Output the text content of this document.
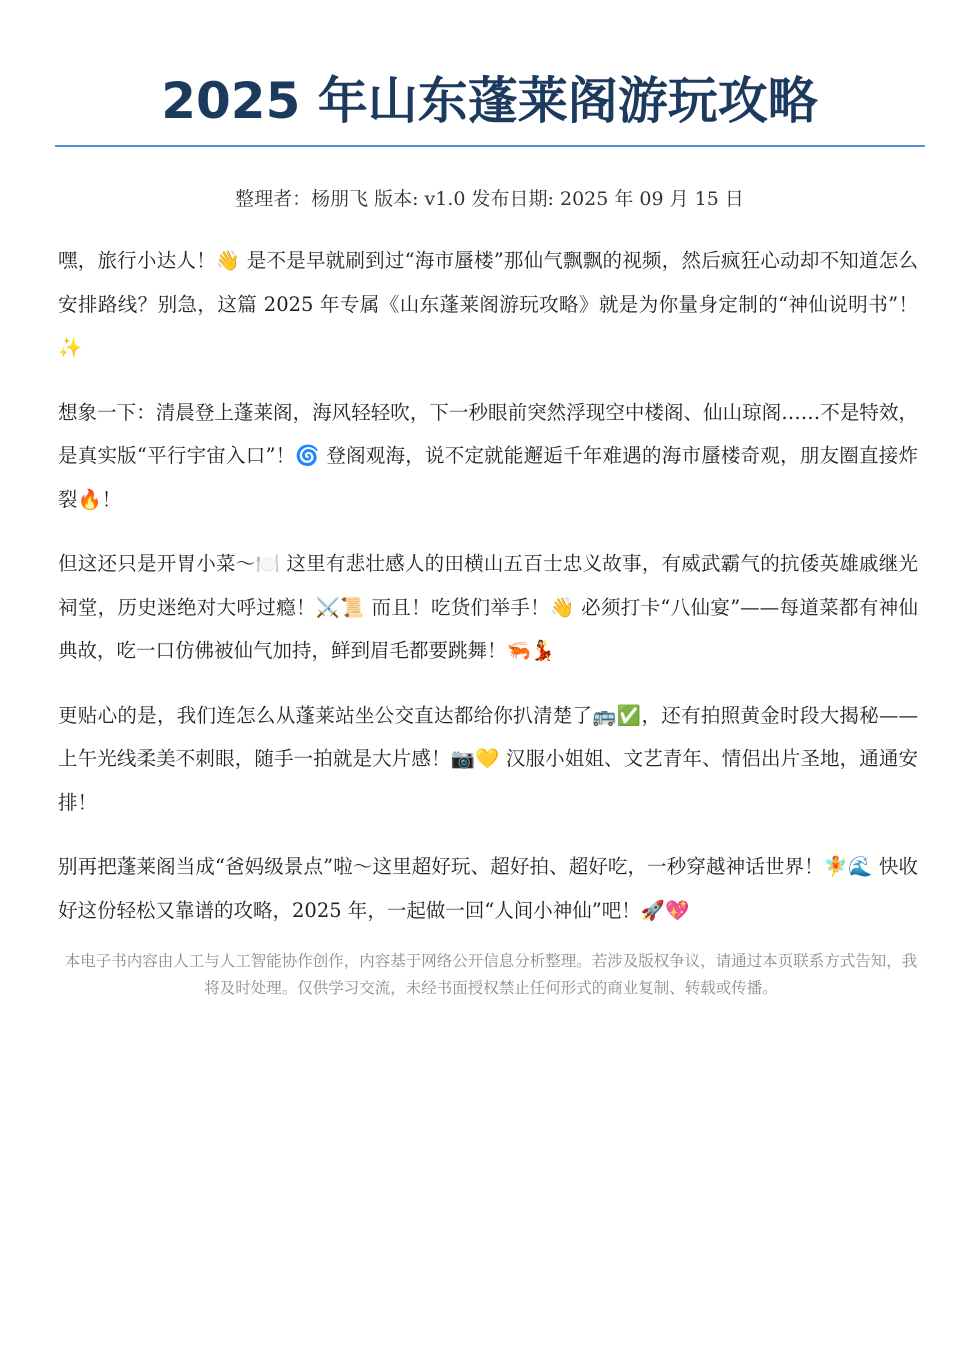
2025 年山东蓬莱阁游玩攻略
整理者：杨朋飞 版本: v1.0 发布日期: 2025 年 09 月 15 日

嘿，旅行小达人！👋 是不是早就刷到过“海市蜃楼”那仙气飘飘的视频，然后疯狂心动却不知道怎么安排路线？别急，这篇 2025 年专属《山东蓬莱阁游玩攻略》就是为你量身定制的“神仙说明书”！✨

想象一下：清晨登上蓬莱阁，海风轻轻吹，下一秒眼前突然浮现空中楼阁、仙山琼阁……不是特效，是真实版“平行宇宙入口”！🌀 登阁观海，说不定就能邂逅千年难遇的海市蜃楼奇观，朋友圈直接炸裂🔥！

但这还只是开胃小菜～🍽️ 这里有悲壮感人的田横山五百士忠义故事，有威武霸气的抗倭英雄戚继光祠堂，历史迷绝对大呼过瘾！⚔️📜 而且！吃货们举手！👋 必须打卡“八仙宴”——每道菜都有神仙典故，吃一口仿佛被仙气加持，鲜到眉毛都要跳舞！🦐💃

更贴心的是，我们连怎么从蓬莱站坐公交直达都给你扒清楚了🚌✅，还有拍照黄金时段大揭秘——上午光线柔美不刺眼，随手一拍就是大片感！📷💛 汉服小姐姐、文艺青年、情侣出片圣地，通通安排！

别再把蓬莱阁当成“爸妈级景点”啦～这里超好玩、超好拍、超好吃，一秒穿越神话世界！🧚🌊 快收好这份轻松又靠谱的攻略，2025 年，一起做一回“人间小神仙”吧！🚀💖

本电子书内容由人工与人工智能协作创作，内容基于网络公开信息分析整理。若涉及版权争议，请通过本页联系方式告知，我将及时处理。仅供学习交流，未经书面授权禁止任何形式的商业复制、转载或传播。
